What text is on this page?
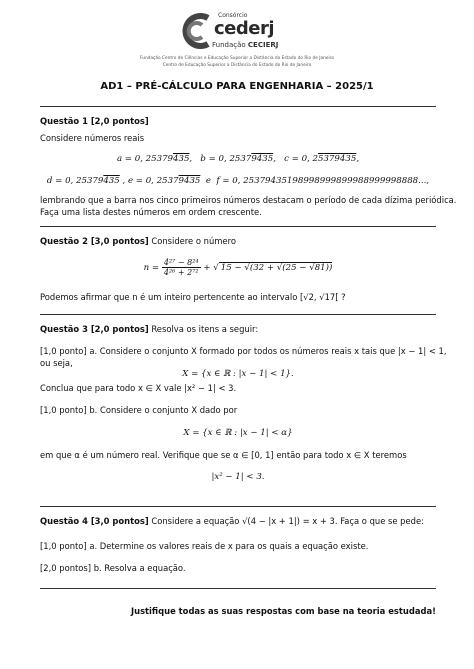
Consórcio
cederj
Fundação CECIERJ
Fundação Centro de Ciências e Educação Superior a Distância do Estado do Rio de Janeiro
Centro de Educação Superior a Distância do Estado do Rio de Janeiro
AD1 – PRÉ-CÁLCULO PARA ENGENHARIA – 2025/1
Questão 1 [2,0 pontos]
Considere números reais
a = 0, 25379435,   b = 0, 25379435,   c = 0, 25379435,
d = 0, 25379435 , e = 0, 25379435  e  f = 0, 25379435198998999899988999998888...,
lembrando que a barra nos cinco primeiros números destacam o período de cada dízima periódica.
Faça uma lista destes números em ordem crescente.
Questão 2 [3,0 pontos] Considere o número
$n = \frac{\text{4²⁷ − 8²⁴}}{\text{4²⁶ + 2⁷²}}$ + √ 15 − √(32 + √(25 − √81))
Podemos afirmar que n é um inteiro pertencente ao intervalo [√2, √17[ ?
Questão 3 [2,0 pontos] Resolva os itens a seguir:
[1,0 ponto] a. Considere o conjunto X formado por todos os números reais x tais que |x − 1| < 1,
ou seja,
X = {x ∈ ℝ : |x − 1| < 1}.
Conclua que para todo x ∈ X vale |x² − 1| < 3.
[1,0 ponto] b. Considere o conjunto X dado por
X = {x ∈ ℝ : |x − 1| < α}
em que α é um número real. Verifique que se α ∈ [0, 1] então para todo x ∈ X teremos
|x² − 1| < 3.
Questão 4 [3,0 pontos] Considere a equação √(4 − |x + 1|) = x + 3. Faça o que se pede:
[1,0 ponto] a. Determine os valores reais de x para os quais a equação existe.
[2,0 pontos] b. Resolva a equação.
Justifique todas as suas respostas com base na teoria estudada!
